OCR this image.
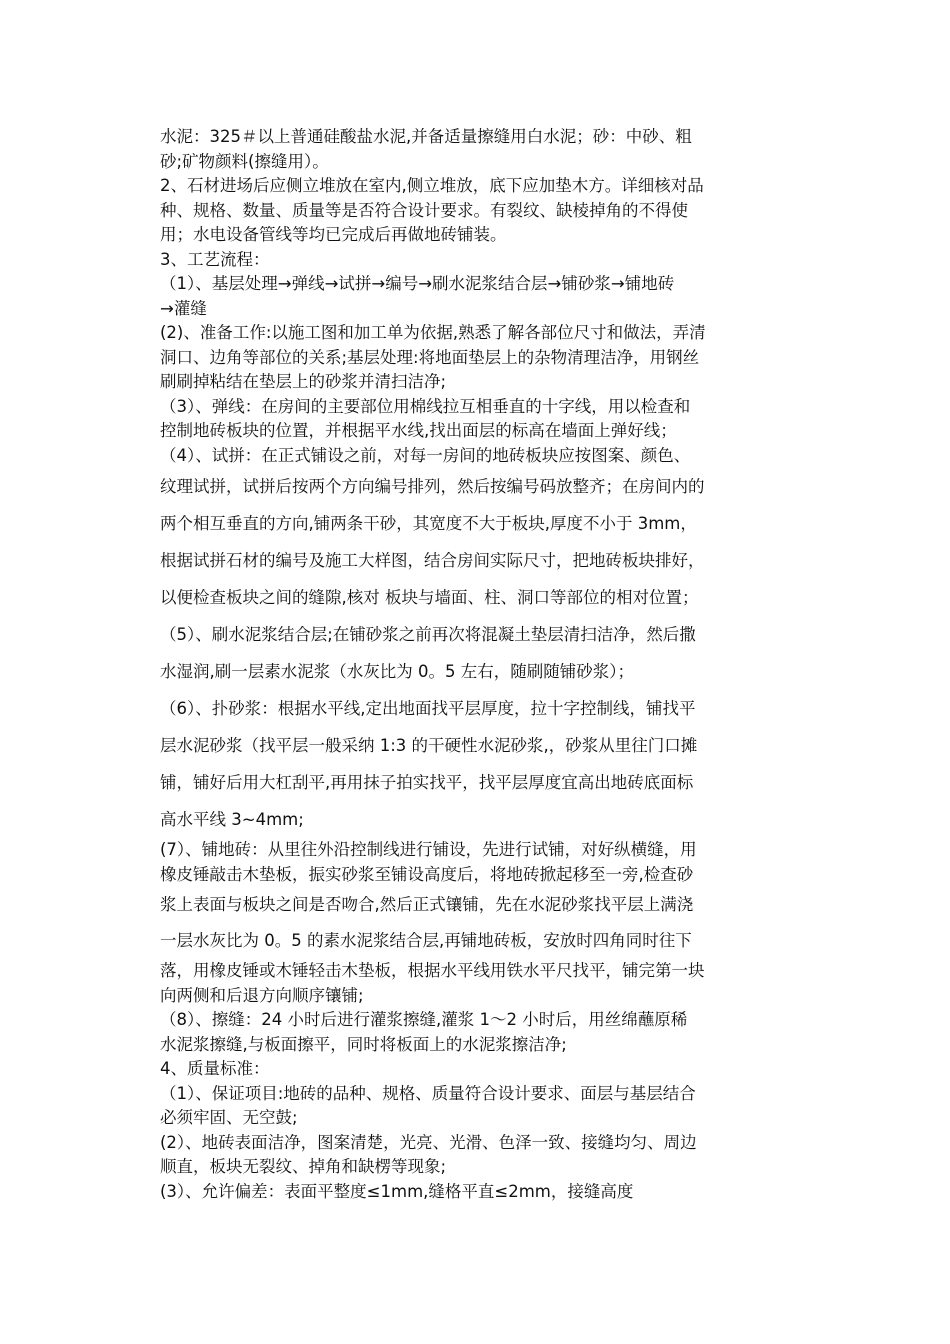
水泥：325＃以上普通硅酸盐水泥,并备适量擦缝用白水泥；砂：中砂、粗
砂;矿物颜料(擦缝用）。
2、石材进场后应侧立堆放在室内,侧立堆放，底下应加垫木方。详细核对品
种、规格、数量、质量等是否符合设计要求。有裂纹、缺棱掉角的不得使
用；水电设备管线等均已完成后再做地砖铺装。
3、工艺流程：
（1）、基层处理→弹线→试拼→编号→刷水泥浆结合层→铺砂浆→铺地砖
→灌缝
(2)、准备工作:以施工图和加工单为依据,熟悉了解各部位尺寸和做法，弄清
洞口、边角等部位的关系;基层处理:将地面垫层上的杂物清理洁净，用钢丝
刷刷掉粘结在垫层上的砂浆并清扫洁净;
（3）、弹线：在房间的主要部位用棉线拉互相垂直的十字线，用以检查和
控制地砖板块的位置，并根据平水线,找出面层的标高在墙面上弹好线；
（4）、试拼：在正式铺设之前，对每一房间的地砖板块应按图案、颜色、
纹理试拼，试拼后按两个方向编号排列，然后按编号码放整齐；在房间内的
两个相互垂直的方向,铺两条干砂，其宽度不大于板块,厚度不小于 3mm，
根据试拼石材的编号及施工大样图，结合房间实际尺寸，把地砖板块排好，
以便检查板块之间的缝隙,核对 板块与墙面、柱、洞口等部位的相对位置；
（5）、刷水泥浆结合层;在铺砂浆之前再次将混凝土垫层清扫洁净，然后撒
水湿润,刷一层素水泥浆（水灰比为 0。5 左右，随刷随铺砂浆）；
（6）、扑砂浆：根据水平线,定出地面找平层厚度，拉十字控制线，铺找平
层水泥砂浆（找平层一般采纳 1:3 的干硬性水泥砂浆,，砂浆从里往门口摊
铺，铺好后用大杠刮平,再用抹子拍实找平，找平层厚度宜高出地砖底面标
高水平线 3~4mm;
(7）、铺地砖：从里往外沿控制线进行铺设，先进行试铺，对好纵横缝，用
橡皮锤敲击木垫板，振实砂浆至铺设高度后，将地砖掀起移至一旁,检查砂
浆上表面与板块之间是否吻合,然后正式镶铺，先在水泥砂浆找平层上满浇
一层水灰比为 0。5 的素水泥浆结合层,再铺地砖板，安放时四角同时往下
落，用橡皮锤或木锤轻击木垫板，根据水平线用铁水平尺找平，铺完第一块
向两侧和后退方向顺序镶铺;
（8）、擦缝：24 小时后进行灌浆擦缝,灌浆 1～2 小时后，用丝绵蘸原稀
水泥浆擦缝,与板面擦平，同时将板面上的水泥浆擦洁净;
4、质量标准：
（1）、保证项目:地砖的品种、规格、质量符合设计要求、面层与基层结合
必须牢固、无空鼓;
(2）、地砖表面洁净，图案清楚，光亮、光滑、色泽一致、接缝均匀、周边
顺直，板块无裂纹、掉角和缺楞等现象;
(3）、允许偏差：表面平整度≤1mm,缝格平直≤2mm，接缝高度
